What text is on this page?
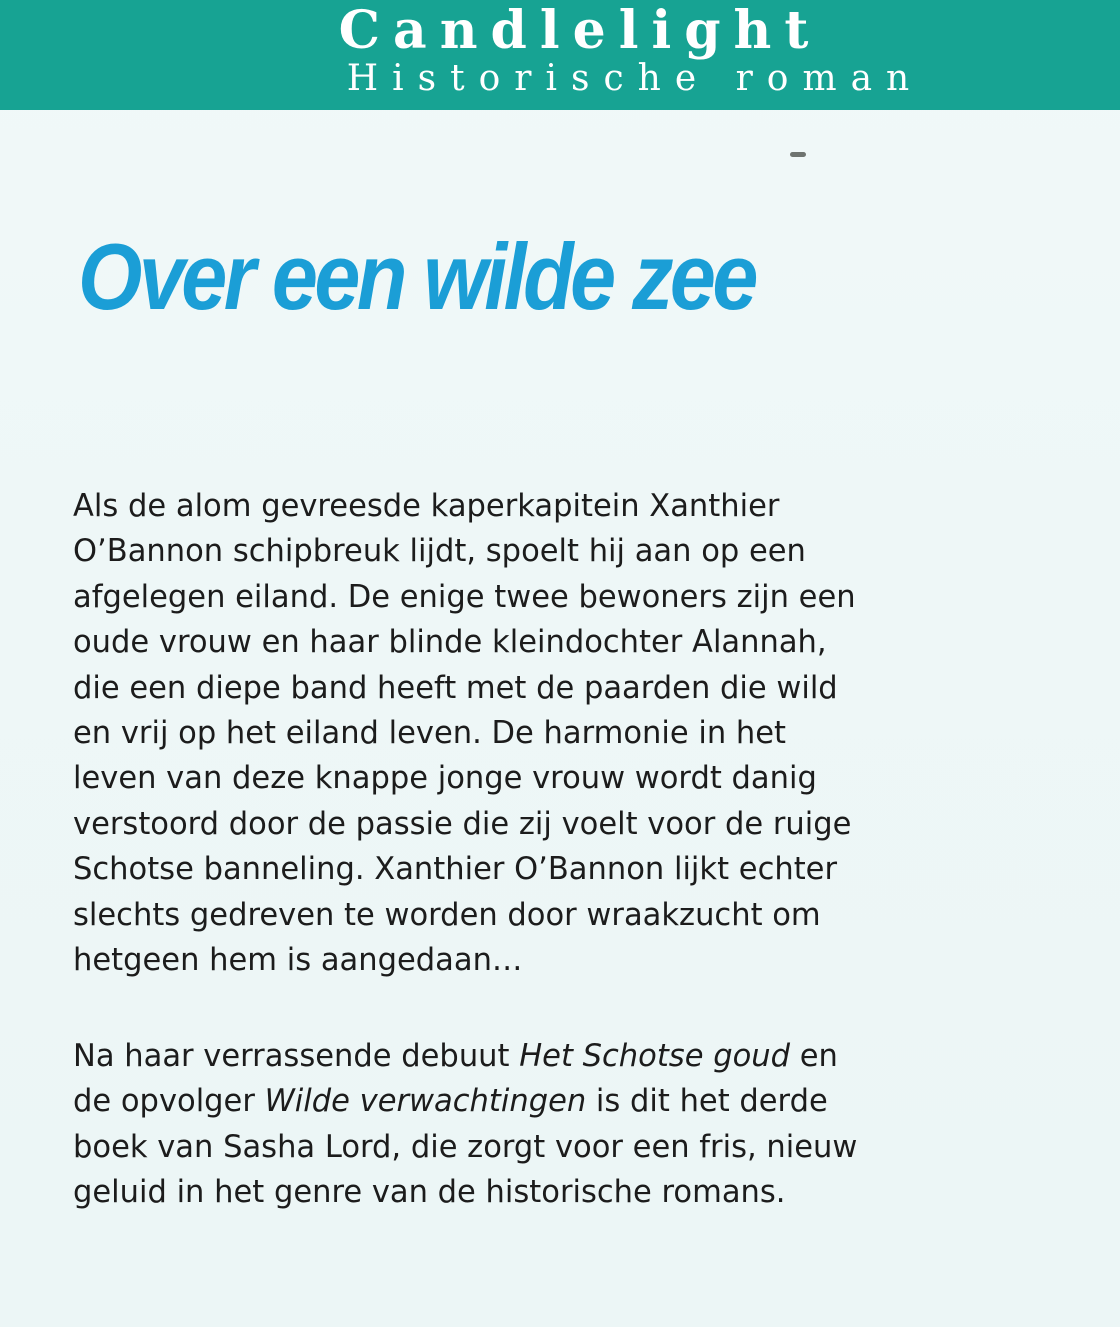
Candlelight
Historische roman
Over een wilde zee

Als de alom gevreesde kaperkapitein Xanthier
O’Bannon schipbreuk lijdt, spoelt hij aan op een
afgelegen eiland. De enige twee bewoners zijn een
oude vrouw en haar blinde kleindochter Alannah,
die een diepe band heeft met de paarden die wild
en vrij op het eiland leven. De harmonie in het
leven van deze knappe jonge vrouw wordt danig
verstoord door de passie die zij voelt voor de ruige
Schotse banneling. Xanthier O’Bannon lijkt echter
slechts gedreven te worden door wraakzucht om
hetgeen hem is aangedaan…

Na haar verrassende debuut Het Schotse goud en
de opvolger Wilde verwachtingen is dit het derde
boek van Sasha Lord, die zorgt voor een fris, nieuw
geluid in het genre van de historische romans.
